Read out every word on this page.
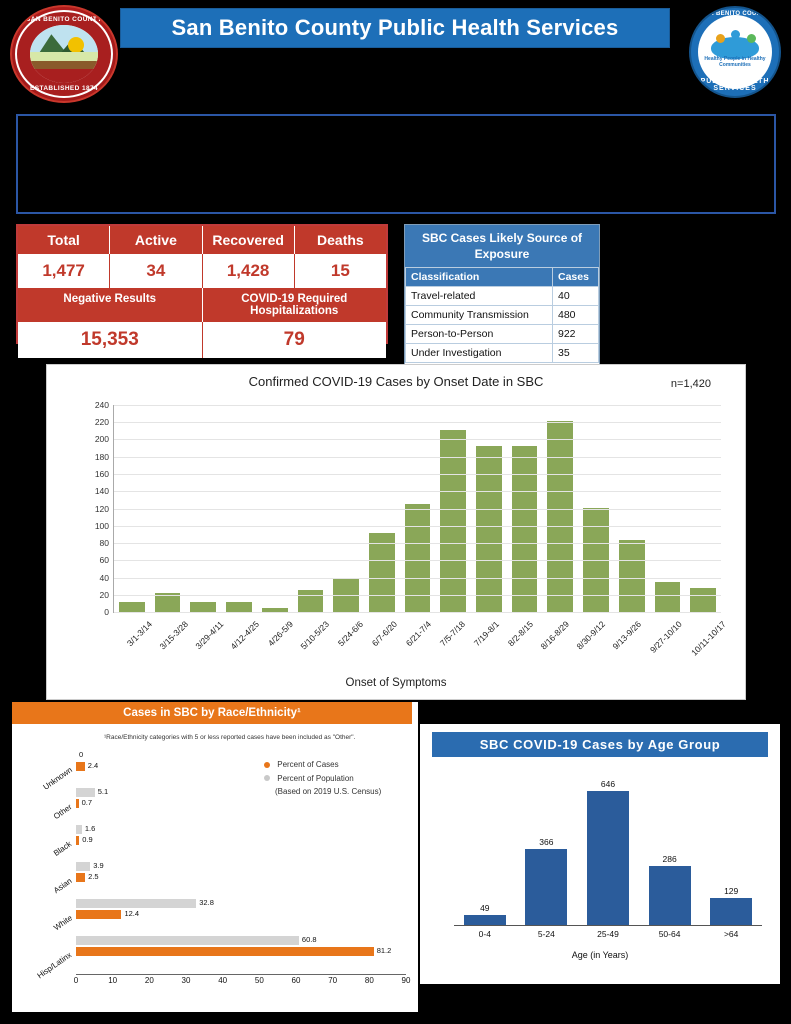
SAN BENITO COUNTY
ESTABLISHED 1874
San Benito County Public Health Services
Healthy People in Healthy Communities
SAN BENITO COUNTY
PUBLIC HEALTH SERVICES
Total	Active	Recovered	Deaths
1,477	34	1,428	15
Negative Results	COVID-19 Required Hospitalizations
15,353	79
SBC Cases Likely Source of Exposure
Classification	Cases
Travel-related	40
Community Transmission	480
Person-to-Person	922
Under Investigation	35
Confirmed COVID-19 Cases by Onset Date in SBC	n=1,420
0
20
40
60
80
100
120
140
160
180
200
220
240
3/1-3/14 3/15-3/28 3/29-4/11 4/12-4/25 4/26-5/9 5/10-5/23 5/24-6/6 6/7-6/20 6/21-7/4 7/5-7/18 7/19-8/1 8/2-8/15 8/16-8/29 8/30-9/12 9/13-9/26 9/27-10/10 10/11-10/17
Onset of Symptoms
Cases in SBC by Race/Ethnicity¹
¹Race/Ethnicity categories with 5 or less reported cases have been included as "Other".
Percent of Cases
Percent of Population
(Based on 2019 U.S. Census)
Unknown
0
2.4
Other
5.1
0.7
Black
1.6
0.9
Asian
3.9
2.5
White
32.8
12.4
Hisp/Latinx
60.8
81.2
0	10	20	30	40	50	60	70	80	90
SBC COVID-19 Cases by Age Group
49
366
646
286
129
0-4	5-24	25-49	50-64	>64
Age (in Years)
